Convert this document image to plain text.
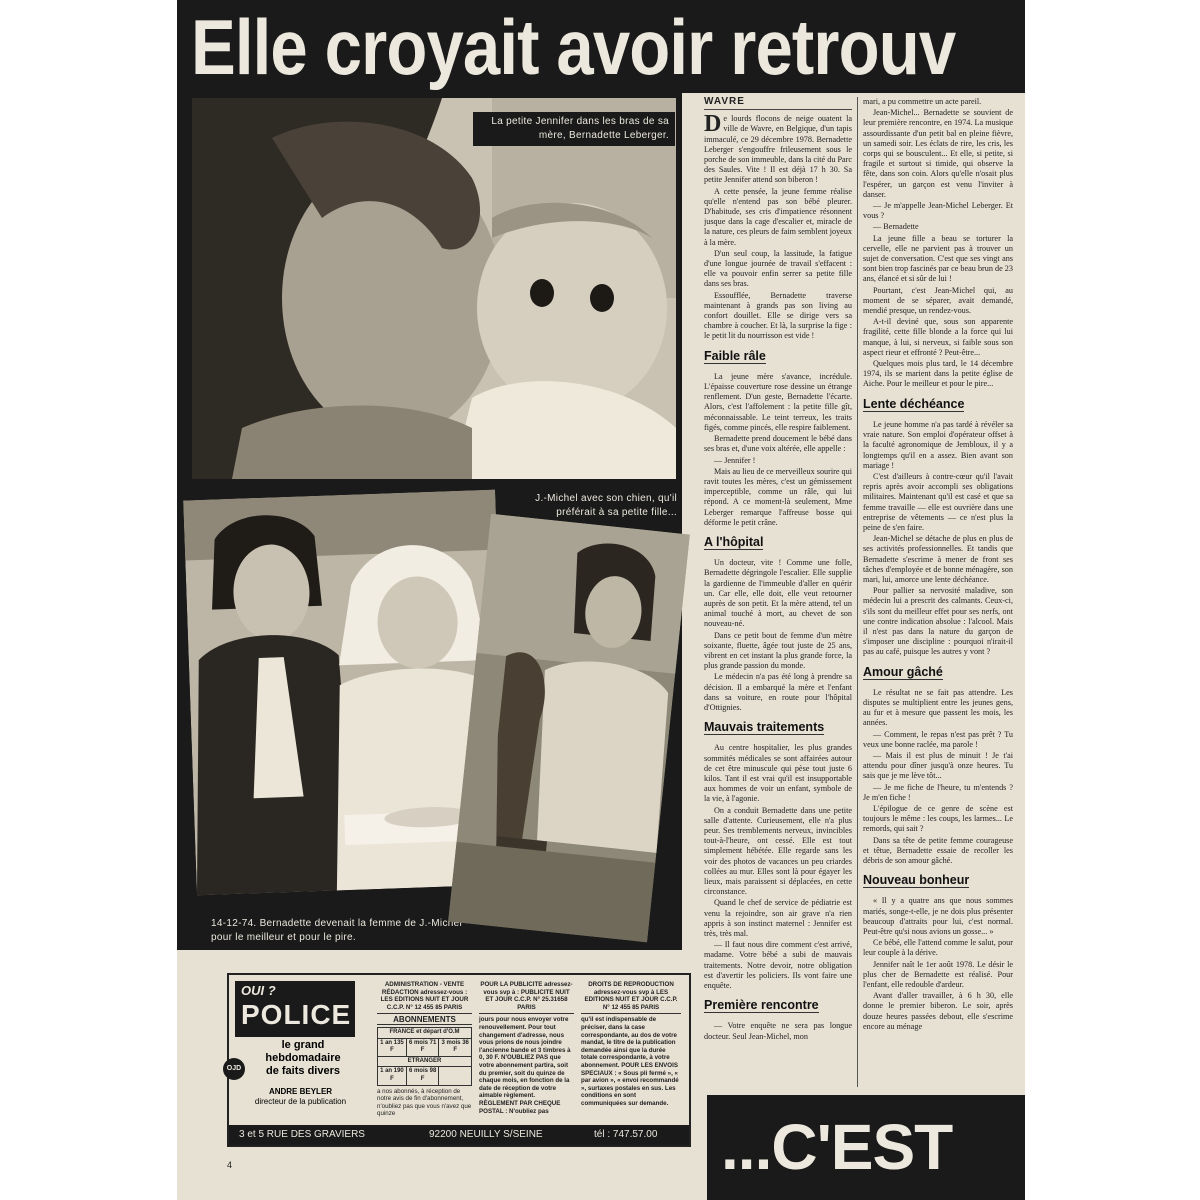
Elle croyait avoir retrouv
La petite Jennifer dans les bras de sa mère, Bernadette Leberger.
J.-Michel avec son chien, qu'il préférait à sa petite fille...
14-12-74. Bernadette devenait la femme de J.-Michel pour le meilleur et pour le pire.
WAVRE

De lourds flocons de neige ouatent la ville de Wavre, en Belgique, d'un tapis immaculé, ce 29 décembre 1978. Bernadette Leberger s'engouffre frileusement sous le porche de son immeuble, dans la cité du Parc des Saules. Vite ! Il est déjà 17 h 30. Sa petite Jennifer attend son biberon !

A cette pensée, la jeune femme réalise qu'elle n'entend pas son bébé pleurer. D'habitude, ses cris d'impatience résonnent jusque dans la cage d'escalier et, miracle de la nature, ces pleurs de faim semblent joyeux à la mère.

D'un seul coup, la lassitude, la fatigue d'une longue journée de travail s'effacent : elle va pouvoir enfin serrer sa petite fille dans ses bras.

Essoufflée, Bernadette traverse maintenant à grands pas son living au confort douillet. Elle se dirige vers sa chambre à coucher. Et là, la surprise la fige : le petit lit du nourrisson est vide !

Faible râle

La jeune mère s'avance, incrédule. L'épaisse couverture rose dessine un étrange renflement. D'un geste, Bernadette l'écarte. Alors, c'est l'affolement : la petite fille gît, méconnaissable. Le teint terreux, les traits figés, comme pincés, elle respire faiblement.

Bernadette prend doucement le bébé dans ses bras et, d'une voix altérée, elle appelle :

— Jennifer !

Mais au lieu de ce merveilleux sourire qui ravit toutes les mères, c'est un gémissement imperceptible, comme un râle, qui lui répond. A ce moment-là seulement, Mme Leberger remarque l'affreuse bosse qui déforme le petit crâne.

A l'hôpital

Un docteur, vite ! Comme une folle, Bernadette dégringole l'escalier. Elle supplie la gardienne de l'immeuble d'aller en quérir un. Car elle, elle doit, elle veut retourner auprès de son petit. Et la mère attend, tel un animal touché à mort, au chevet de son nouveau-né.

Dans ce petit bout de femme d'un mètre soixante, fluette, âgée tout juste de 25 ans, vibrent en cet instant la plus grande force, la plus grande passion du monde.

Le médecin n'a pas été long à prendre sa décision. Il a embarqué la mère et l'enfant dans sa voiture, en route pour l'hôpital d'Ottignies.

Mauvais traitements

Au centre hospitalier, les plus grandes sommités médicales se sont affairées autour de cet être minuscule qui pèse tout juste 6 kilos. Tant il est vrai qu'il est insupportable aux hommes de voir un enfant, symbole de la vie, à l'agonie.

On a conduit Bernadette dans une petite salle d'attente. Curieusement, elle n'a plus peur. Ses tremblements nerveux, invincibles tout-à-l'heure, ont cessé. Elle est tout simplement hébétée. Elle regarde sans les voir des photos de vacances un peu criardes collées au mur. Elles sont là pour égayer les lieux, mais paraissent si déplacées, en cette circonstance.

Quand le chef de service de pédiatrie est venu la rejoindre, son air grave n'a rien appris à son instinct maternel : Jennifer est très, très mal.

— Il faut nous dire comment c'est arrivé, madame. Votre bébé a subi de mauvais traitements. Notre devoir, notre obligation est d'avertir les policiers. Ils vont faire une enquête.

Première rencontre

— Votre enquête ne sera pas longue docteur. Seul Jean-Michel, mon

mari, a pu commettre un acte pareil.

Jean-Michel... Bernadette se souvient de leur première rencontre, en 1974. La musique assourdissante d'un petit bal en pleine fièvre, un samedi soir. Les éclats de rire, les cris, les corps qui se bousculent... Et elle, si petite, si fragile et surtout si timide, qui observe la fête, dans son coin. Alors qu'elle n'osait plus l'espérer, un garçon est venu l'inviter à danser.

— Je m'appelle Jean-Michel Leberger. Et vous ?

— Bernadette

La jeune fille a beau se torturer la cervelle, elle ne parvient pas à trouver un sujet de conversation. C'est que ses vingt ans sont bien trop fascinés par ce beau brun de 23 ans, élancé et si sûr de lui !

Pourtant, c'est Jean-Michel qui, au moment de se séparer, avait demandé, mendié presque, un rendez-vous.

A-t-il deviné que, sous son apparente fragilité, cette fille blonde a la force qui lui manque, à lui, si nerveux, si faible sous son aspect rieur et effronté ? Peut-être...

Quelques mois plus tard, le 14 décembre 1974, ils se marient dans la petite église de Aiche. Pour le meilleur et pour le pire...

Lente déchéance

Le jeune homme n'a pas tardé à révéler sa vraie nature. Son emploi d'opérateur offset à la faculté agronomique de Jembloux, il y a longtemps qu'il en a assez. Bien avant son mariage !

C'est d'ailleurs à contre-cœur qu'il l'avait repris après avoir accompli ses obligations militaires. Maintenant qu'il est casé et que sa femme travaille — elle est ouvrière dans une entreprise de vêtements — ce n'est plus la peine de s'en faire.

Jean-Michel se détache de plus en plus de ses activités professionnelles. Et tandis que Bernadette s'escrime à mener de front ses tâches d'employée et de bonne ménagère, son mari, lui, amorce une lente déchéance.

Pour pallier sa nervosité maladive, son médecin lui a prescrit des calmants. Ceux-ci, s'ils sont du meilleur effet pour ses nerfs, ont une contre indication absolue : l'alcool. Mais il n'est pas dans la nature du garçon de s'imposer une discipline : pourquoi n'irait-il pas au café, puisque les autres y vont ?

Amour gâché

Le résultat ne se fait pas attendre. Les disputes se multiplient entre les jeunes gens, au fur et à mesure que passent les mois, les années.

— Comment, le repas n'est pas prêt ? Tu veux une bonne raclée, ma parole !

— Mais il est plus de minuit ! Je t'ai attendu pour dîner jusqu'à onze heures. Tu sais que je me lève tôt...

— Je me fiche de l'heure, tu m'entends ? Je m'en fiche !

L'épilogue de ce genre de scène est toujours le même : les coups, les larmes... Le remords, qui sait ?

Dans sa tête de petite femme courageuse et têtue, Bernadette essaie de recoller les débris de son amour gâché.

Nouveau bonheur

« Il y a quatre ans que nous sommes mariés, songe-t-elle, je ne dois plus présenter beaucoup d'attraits pour lui, c'est normal. Peut-être qu'si nous avions un gosse... »

Ce bébé, elle l'attend comme le salut, pour leur couple à la dérive.

Jennifer naît le 1er août 1978. Le désir le plus cher de Bernadette est réalisé. Pour l'enfant, elle redouble d'ardeur.

Avant d'aller travailler, à 6 h 30, elle donne le premier biberon. Le soir, après douze heures passées debout, elle s'escrime encore au ménage

OUI ?
POLICE
le grand
hebdomadaire
de faits divers
ANDRE BEYLER
directeur de la publication
ADMINISTRATION - VENTE RÉDACTION adressez-vous : LES EDITIONS NUIT ET JOUR C.C.P. N° 12 455 85 PARIS
ABONNEMENTS
FRANCE et départ d'O.M		
1 an 135 F	6 mois 71 F	3 mois 36 F
ETRANGER		
1 an 190 F	6 mois 98 F	
a nos abonnés, à réception de notre avis de fin d'abonnement, n'oubliez pas que vous n'avez que quinze
POUR LA PUBLICITE adressez-vous svp à : PUBLICITE NUIT ET JOUR C.C.P. N° 25.31658 PARIS
jours pour nous envoyer votre renouvellement. Pour tout changement d'adresse, nous vous prions de nous joindre l'ancienne bande et 3 timbres à 0, 30 F. N'OUBLIEZ PAS que votre abonnement partira, soit du premier, soit du quinze de chaque mois, en fonction de la date de réception de votre aimable règlement. RÈGLEMENT PAR CHEQUE POSTAL : N'oubliez pas
DROITS DE REPRODUCTION adressez-vous svp à LES EDITIONS NUIT ET JOUR C.C.P. N° 12 455 85 PARIS
qu'il est indispensable de préciser, dans la case correspondante, au dos de votre mandat, le titre de la publication demandée ainsi que la durée totale correspondante, à votre abonnement. POUR LES ENVOIS SPECIAUX : « Sous pli fermé », « par avion », « envoi recommandé », surtaxes postales en sus. Les conditions en sont communiquées sur demande.
3 et 5 RUE DES GRAVIERS	92200 NEUILLY S/SEINE	tél : 747.57.00
OJD
...C'EST
4
